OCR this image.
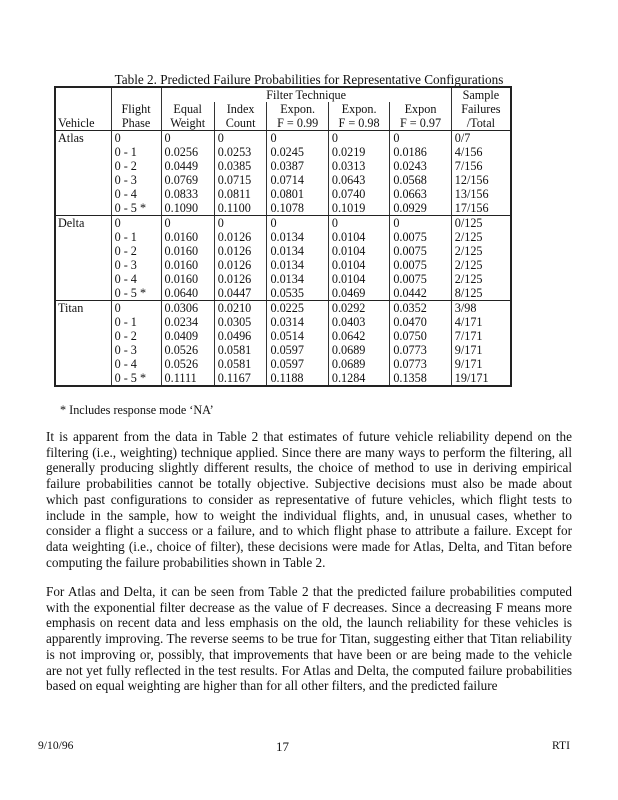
Table 2. Predicted Failure Probabilities for Representative Configurations
		Filter Technique					Sample
	Flight	Equal	Index	Expon.	Expon.	Expon	Failures
Vehicle	Phase	Weight	Count	F = 0.99	F = 0.98	F = 0.97	/Total
Atlas	0	0	0	0	0	0	0/7
	0 - 1	0.0256	0.0253	0.0245	0.0219	0.0186	4/156
	0 - 2	0.0449	0.0385	0.0387	0.0313	0.0243	7/156
	0 - 3	0.0769	0.0715	0.0714	0.0643	0.0568	12/156
	0 - 4	0.0833	0.0811	0.0801	0.0740	0.0663	13/156
	0 - 5 *	0.1090	0.1100	0.1078	0.1019	0.0929	17/156
Delta	0	0	0	0	0	0	0/125
	0 - 1	0.0160	0.0126	0.0134	0.0104	0.0075	2/125
	0 - 2	0.0160	0.0126	0.0134	0.0104	0.0075	2/125
	0 - 3	0.0160	0.0126	0.0134	0.0104	0.0075	2/125
	0 - 4	0.0160	0.0126	0.0134	0.0104	0.0075	2/125
	0 - 5 *	0.0640	0.0447	0.0535	0.0469	0.0442	8/125
Titan	0	0.0306	0.0210	0.0225	0.0292	0.0352	3/98
	0 - 1	0.0234	0.0305	0.0314	0.0403	0.0470	4/171
	0 - 2	0.0409	0.0496	0.0514	0.0642	0.0750	7/171
	0 - 3	0.0526	0.0581	0.0597	0.0689	0.0773	9/171
	0 - 4	0.0526	0.0581	0.0597	0.0689	0.0773	9/171
	0 - 5 *	0.1111	0.1167	0.1188	0.1284	0.1358	19/171
* Includes response mode ‘NA’

It is apparent from the data in Table 2 that estimates of future vehicle reliability depend on the filtering (i.e., weighting) technique applied. Since there are many ways to perform the filtering, all generally producing slightly different results, the choice of method to use in deriving empirical failure probabilities cannot be totally objective. Subjective decisions must also be made about which past configurations to consider as representative of future vehicles, which flight tests to include in the sample, how to weight the individual flights, and, in unusual cases, whether to consider a flight a success or a failure, and to which flight phase to attribute a failure. Except for data weighting (i.e., choice of filter), these decisions were made for Atlas, Delta, and Titan before computing the failure probabilities shown in Table 2.

For Atlas and Delta, it can be seen from Table 2 that the predicted failure probabilities computed with the exponential filter decrease as the value of F decreases. Since a decreasing F means more emphasis on recent data and less emphasis on the old, the launch reliability for these vehicles is apparently improving. The reverse seems to be true for Titan, suggesting either that Titan reliability is not improving or, possibly, that improvements that have been or are being made to the vehicle are not yet fully reflected in the test results. For Atlas and Delta, the computed failure probabilities based on equal weighting are higher than for all other filters, and the predicted failure

9/10/96	17	RTI
